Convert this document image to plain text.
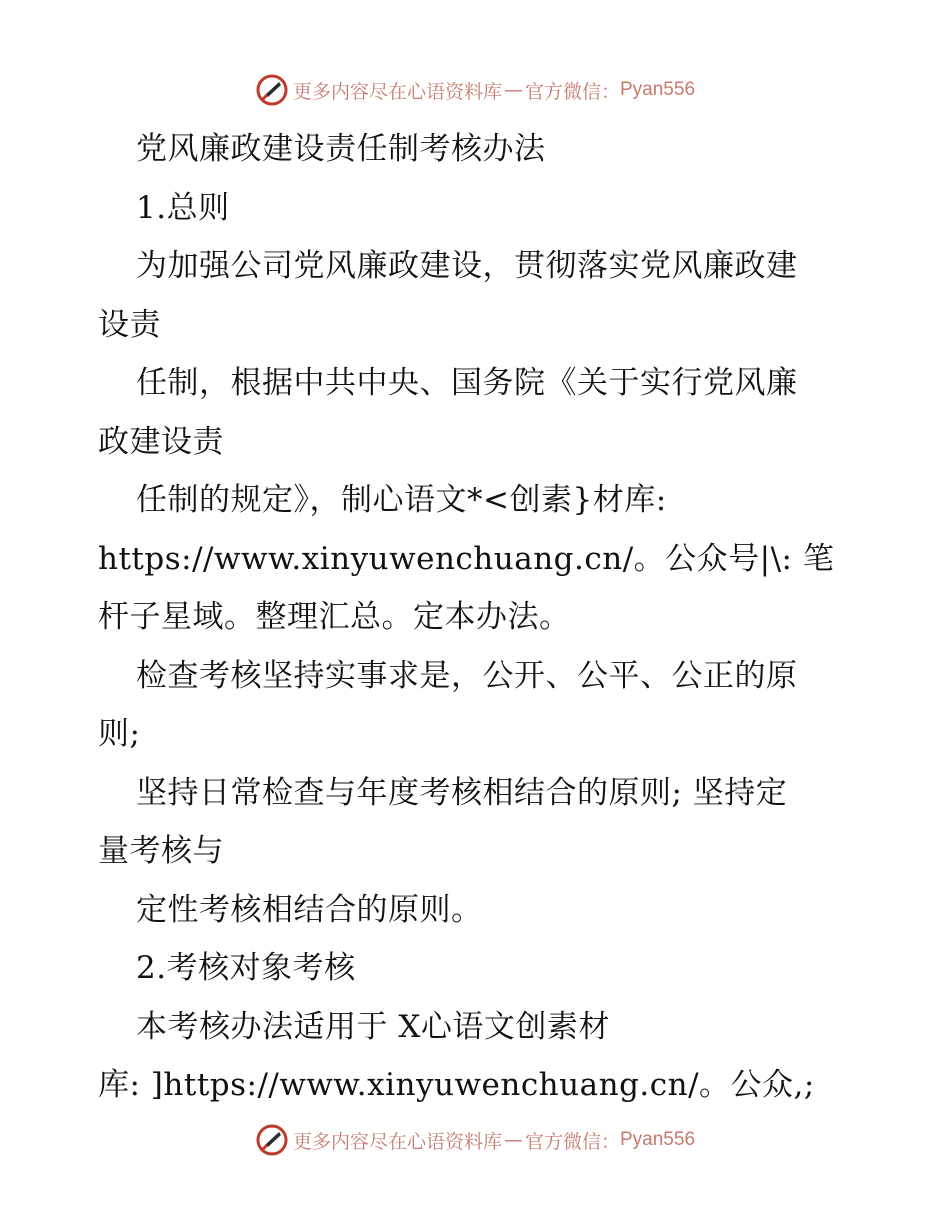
更多内容尽在心语资料库 — 官方微信： Pyan556
党风廉政建设责任制考核办法
1.总则
为加强公司党风廉政建设，贯彻落实党风廉政建
设责
任制，根据中共中央、国务院《关于实行党风廉
政建设责
任制的规定》，制心语文*<创素}材库:
https://www.xinyuwenchuang.cn/。公众号|\: 笔
杆子星域。整理汇总。定本办法。
检查考核坚持实事求是，公开、公平、公正的原
则;
坚持日常检查与年度考核相结合的原则; 坚持定
量考核与
定性考核相结合的原则。
2.考核对象考核
本考核办法适用于 X心语文创素材
库: ]https://www.xinyuwenchuang.cn/。公众,;
更多内容尽在心语资料库 — 官方微信： Pyan556
